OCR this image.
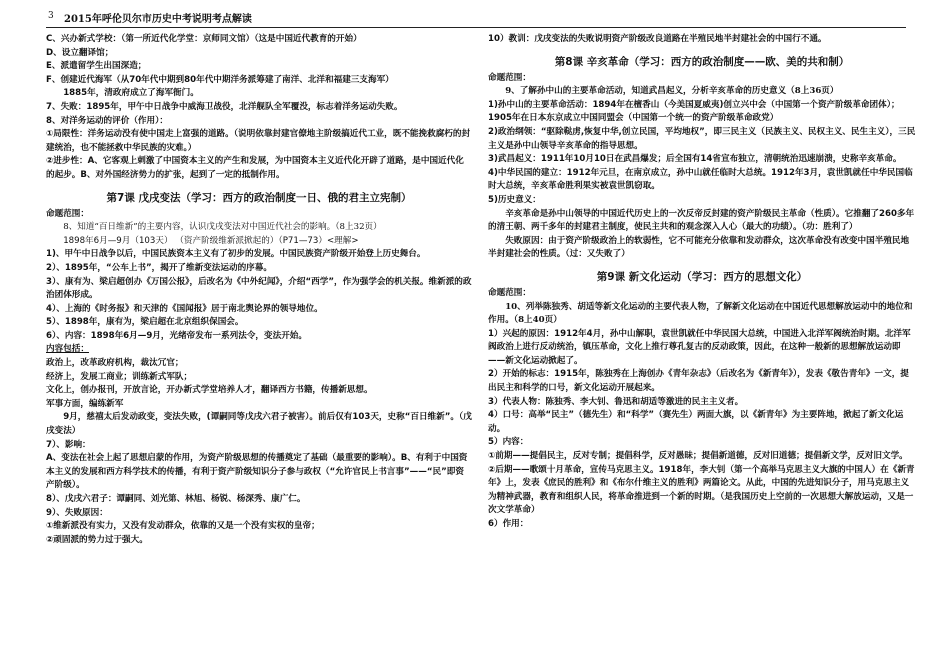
3 2015年呼伦贝尔市历史中考说明考点解读
C、兴办新式学校：（第一所近代化学堂：京师同文馆）（这是中国近代教育的开始）
D、设立翻译馆；
E、派遣留学生出国深造；
F、创建近代海军（从70年代中期到80年代中期洋务派筹建了南洋、北洋和福建三支海军）
1885年，清政府成立了海军衙门。
7、失败：1895年，甲午中日战争中威海卫战役，北洋舰队全军覆没，标志着洋务运动失败。
8、对洋务运动的评价（作用）：
①局限性：洋务运动没有使中国走上富强的道路。（说明依靠封建官僚地主阶级搞近代工业，既不能挽救腐朽的封建统治，也不能拯救中华民族的灾难。）
②进步性：A、它客观上刺激了中国资本主义的产生和发展，为中国资本主义近代化开辟了道路，是中国近代化的起步。B、对外国经济势力的扩张，起到了一定的抵制作用。
第7课 戊戌变法（学习：西方的政治制度一日、俄的君主立宪制）
命题范围：
8、知道“百日维新”的主要内容，认识戊戌变法对中国近代社会的影响。（8上32页）
1898年6月—9月（103天） （资产阶级维新派掀起的）（P71—73）<理解>
1)、甲午中日战争以后，中国民族资本主义有了初步的发展。中国民族资产阶级开始登上历史舞台。
2）、1895年，“公车上书”，揭开了维新变法运动的序幕。
3）、康有为、梁启超创办《万国公报》，后改名为《中外纪闻》，介绍“西学”，作为强学会的机关报。维新派的政治团体形成。
4）、上海的《时务报》和天津的《国闻报》居于南北舆论界的领导地位。
5）、1898年，康有为，梁启超在北京组织保国会。
6）、内容：1898年6月—9月，光绪帝发布一系列法令，变法开始。
内容包括：
政治上，改革政府机构，裁汰冗官；
经济上，发展工商业；训练新式军队；
文化上，创办报刊，开放言论，开办新式学堂培养人才，翻译西方书籍，传播新思想。
军事方面，编练新军
9月，慈禧太后发动政变，变法失败，(谭嗣同等戊戌六君子被害）。前后仅有103天，史称“百日维新”。（戊戌变法）
7）、影响：
A、变法在社会上起了思想启蒙的作用，为资产阶级思想的传播奠定了基础（最重要的影响）。B、有利于中国资本主义的发展和西方科学技术的传播，有利于资产阶级知识分子参与政权（“允许官民上书言事”——“民”即资产阶级）。
8）、戊戌六君子：谭嗣同、刘光第、林旭、杨锐、杨深秀、康广仁。
9）、失败原因：
①维新派没有实力，又没有发动群众，依靠的又是一个没有实权的皇帝；
②顽固派的势力过于强大。
10）教训：戊戌变法的失败说明资产阶级改良道路在半殖民地半封建社会的中国行不通。
第8课 辛亥革命（学习：西方的政治制度——欧、美的共和制）
命题范围：
9、了解孙中山的主要革命活动，知道武昌起义，分析辛亥革命的历史意义（8上36页）
1)孙中山的主要革命活动：1894年在檀香山（今美国夏威夷)创立兴中会（中国第一个资产阶级革命团体）；1905年在日本东京成立中国同盟会（中国第一个统一的资产阶级革命政党）
2)政治纲领：“驱除鞑虏,恢复中华,创立民国，平均地权”，即三民主义（民族主义、民权主义、民生主义），三民主义是孙中山领导辛亥革命的指导思想。
3)武昌起义：1911年10月10日在武昌爆发；后全国有14省宣布独立，清朝统治迅速崩溃，史称辛亥革命。
4)中华民国的建立：1912年元旦，在南京成立，孙中山就任临时大总统。1912年3月，袁世凯就任中华民国临时大总统，辛亥革命胜利果实被袁世凯窃取。
5)历史意义：
辛亥革命是孙中山领导的中国近代历史上的一次反帝反封建的资产阶级民主革命（性质）。它推翻了260多年的清王朝、两千多年的封建君主制度，使民主共和的观念深入人心（最大的功绩）。（功：胜利了）
失败原因：由于资产阶级政治上的软弱性，它不可能充分依靠和发动群众，这次革命没有改变中国半殖民地半封建社会的性质。（过：又失败了）
第9课 新文化运动（学习：西方的思想文化）
命题范围：
10、列举陈独秀、胡适等新文化运动的主要代表人物，了解新文化运动在中国近代思想解放运动中的地位和作用。（8上40页）
1）兴起的原因：1912年4月，孙中山解职，袁世凯就任中华民国大总统，中国进入北洋军阀统治时期。北洋军阀政治上进行反动统治，镇压革命，文化上推行尊孔复古的反动政策，因此，在这种一般新的思想解放运动即——新文化运动掀起了。
2）开始的标志：1915年，陈独秀在上海创办《青年杂志》（后改名为《新青年》），发表《敬告青年》一文，提出民主和科学的口号，新文化运动开展起来。
3）代表人物：陈独秀、李大钊、鲁迅和胡适等激进的民主主义者。
4）口号：高举“民主”（德先生）和“科学”（赛先生）两面大旗，以《新青年》为主要阵地，掀起了新文化运动。
5）内容：
①前期——提倡民主，反对专制；提倡科学，反对愚昧；提倡新道德，反对旧道德；提倡新文学，反对旧文学。
②后期——歌颂十月革命，宣传马克思主义。1918年，李大钊（第一个高举马克思主义大旗的中国人）在《新青年》上，发表《庶民的胜利》和《布尔什维主义的胜利》两篇论文。从此，中国的先进知识分子，用马克思主义为精神武器，教育和组织人民，将革命推进到一个新的时期。（是我国历史上空前的一次思想大解放运动，又是一次文学革命）
6）作用：
